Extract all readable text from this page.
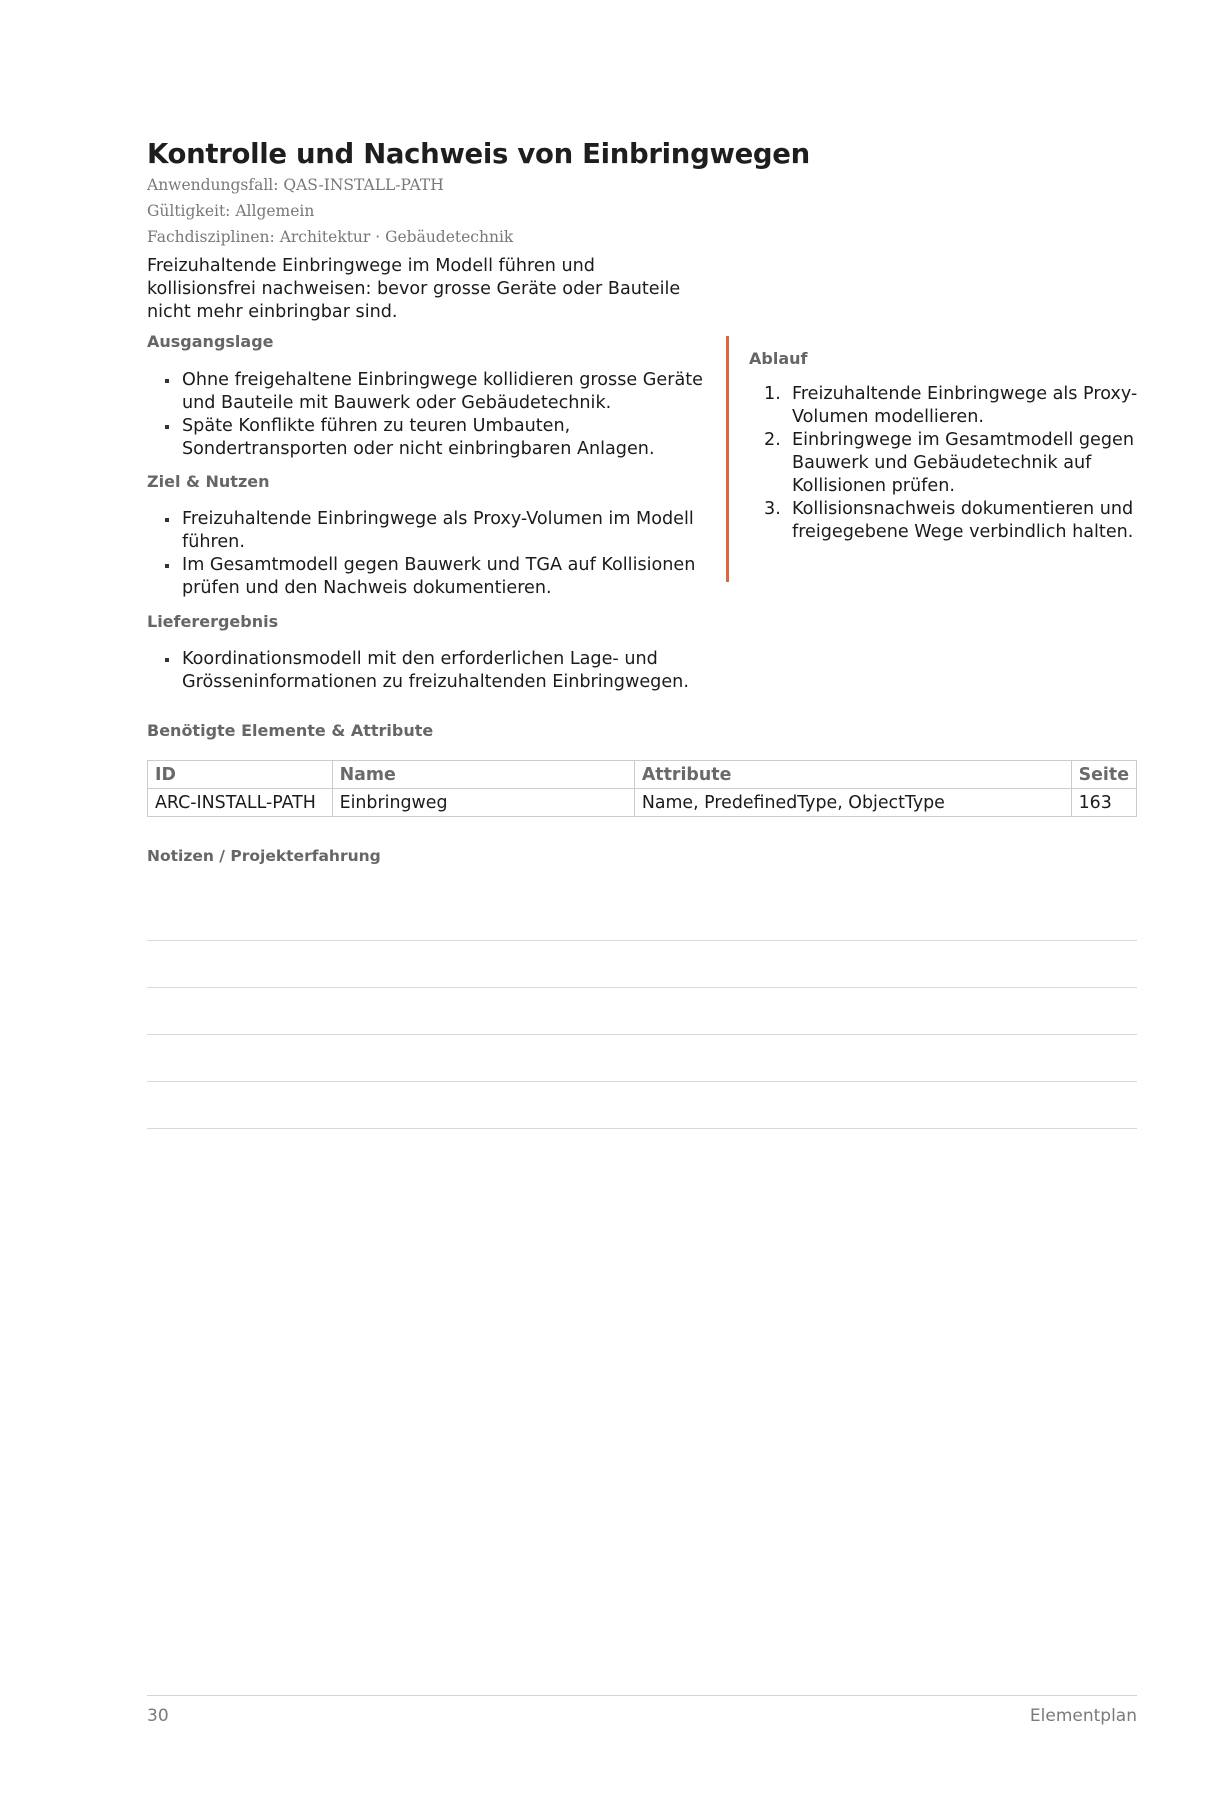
Kontrolle und Nachweis von Einbringwegen
Anwendungsfall: QAS-INSTALL-PATH
Gültigkeit: Allgemein
Fachdisziplinen: Architektur · Gebäudetechnik

Freizuhaltende Einbringwege im Modell führen und kollisionsfrei nachweisen: bevor grosse Geräte oder Bauteile nicht mehr einbringbar sind.

Ausgangslage
Ohne freigehaltene Einbringwege kollidieren grosse Geräte und Bauteile mit Bauwerk oder Gebäudetechnik.
Späte Konflikte führen zu teuren Umbauten, Sondertransporten oder nicht einbringbaren Anlagen.
Ziel & Nutzen
Freizuhaltende Einbringwege als Proxy-Volumen im Modell führen.
Im Gesamtmodell gegen Bauwerk und TGA auf Kollisionen prüfen und den Nachweis dokumentieren.
Lieferergebnis
Koordinationsmodell mit den erforderlichen Lage- und Grösseninformationen zu freizuhaltenden Einbringwegen.
Ablauf
1. Freizuhaltende Einbringwege als Proxy-Volumen modellieren.
2. Einbringwege im Gesamtmodell gegen Bauwerk und Gebäudetechnik auf Kollisionen prüfen.
3. Kollisionsnachweis dokumentieren und freigegebene Wege verbindlich halten.
Benötigte Elemente & Attribute
ID	Name	Attribute	Seite
ARC-INSTALL-PATH	Einbringweg	Name, PredefinedType, ObjectType	163
Notizen / Projekterfahrung
30	Elementplan
